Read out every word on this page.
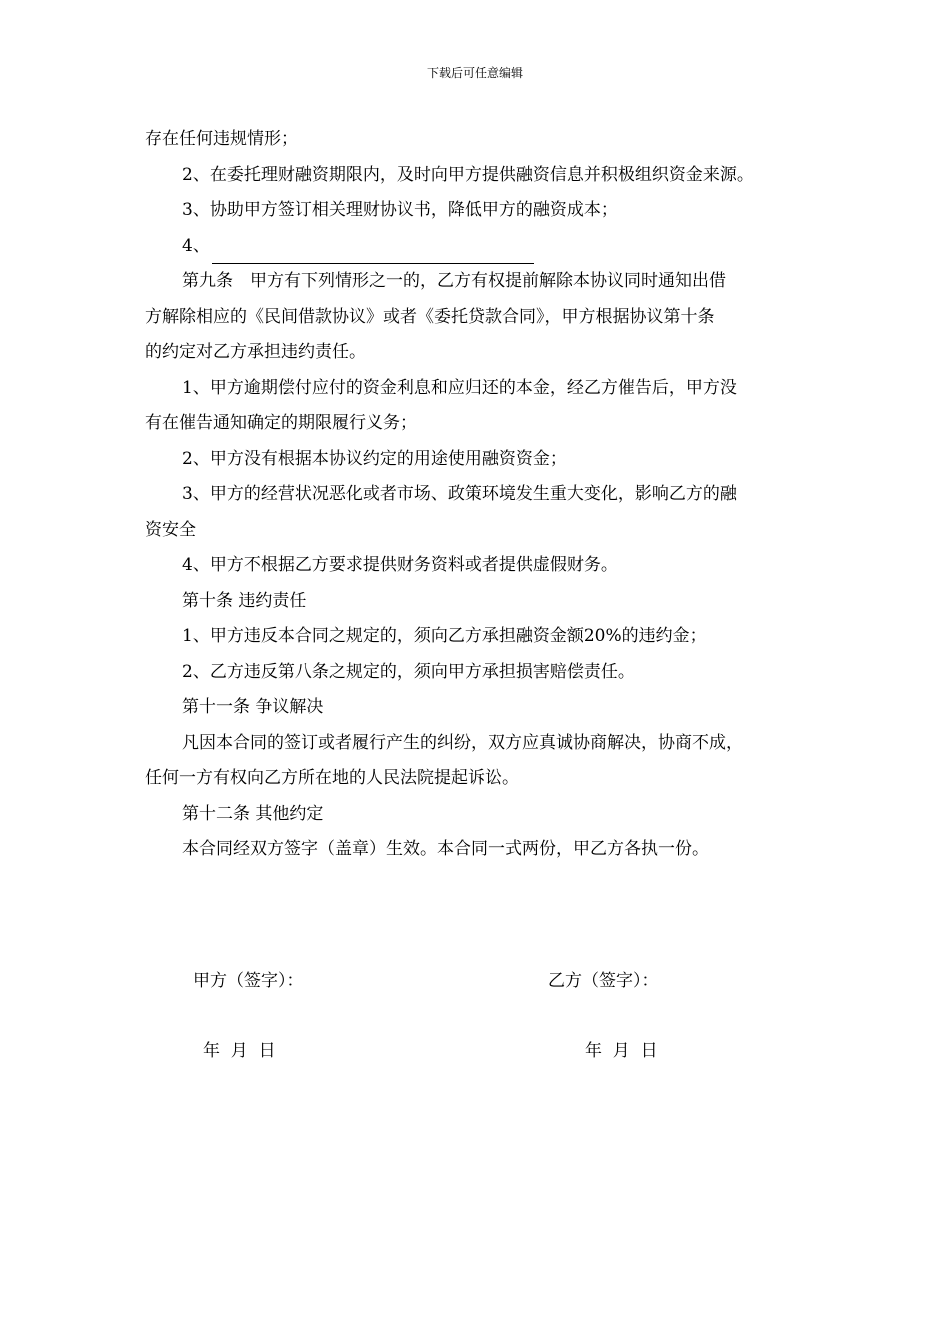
下载后可任意编辑

存在任何违规情形；

2、在委托理财融资期限内，及时向甲方提供融资信息并积极组织资金来源。

3、协助甲方签订相关理财协议书，降低甲方的融资成本；

4、

第九条　甲方有下列情形之一的，乙方有权提前解除本协议同时通知出借

方解除相应的《民间借款协议》或者《委托贷款合同》，甲方根据协议第十条

的约定对乙方承担违约责任。

1、甲方逾期偿付应付的资金利息和应归还的本金，经乙方催告后，甲方没

有在催告通知确定的期限履行义务；

2、甲方没有根据本协议约定的用途使用融资资金；

3、甲方的经营状况恶化或者市场、政策环境发生重大变化，影响乙方的融

资安全

4、甲方不根据乙方要求提供财务资料或者提供虚假财务。

第十条 违约责任

1、甲方违反本合同之规定的，须向乙方承担融资金额20%的违约金；

2、乙方违反第八条之规定的，须向甲方承担损害赔偿责任。

第十一条 争议解决

凡因本合同的签订或者履行产生的纠纷，双方应真诚协商解决，协商不成，

任何一方有权向乙方所在地的人民法院提起诉讼。

第十二条 其他约定

本合同经双方签字（盖章）生效。本合同一式两份，甲乙方各执一份。

甲方（签字）：	乙方（签字）：
年  月  日	年  月  日
